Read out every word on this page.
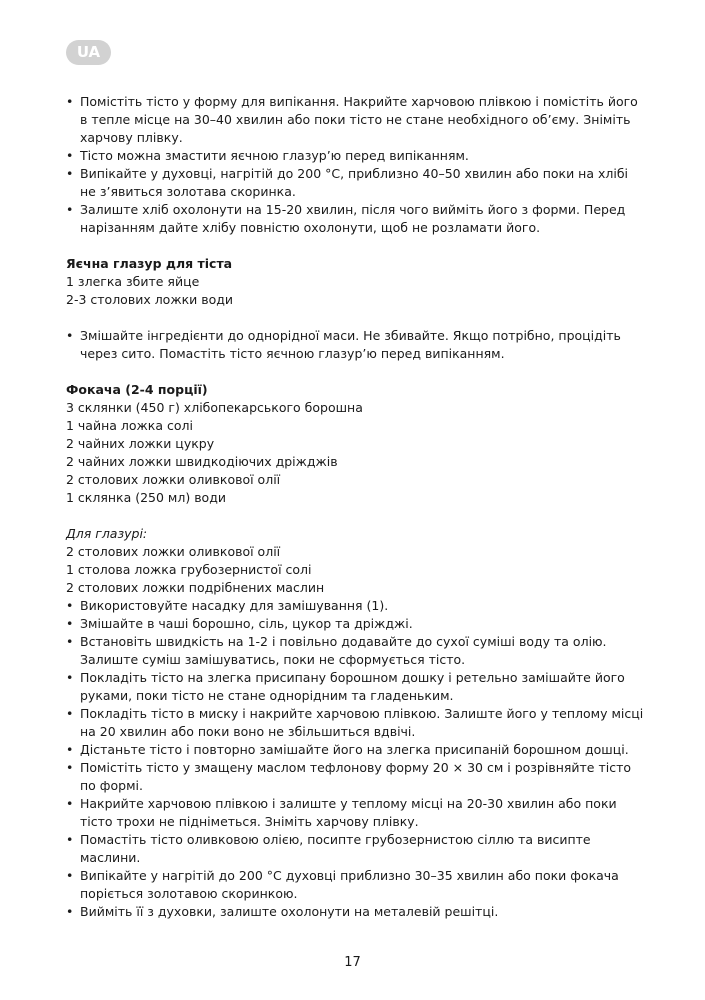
UA
• Помістіть тісто у форму для випікання. Накрийте харчовою плівкою і помістіть його в тепле місце на 30–40 хвилин або поки тісто не стане необхідного об’єму. Зніміть харчову плівку.
• Тісто можна змастити яєчною глазур’ю перед випіканням.
• Випікайте у духовці, нагрітій до 200 °C, приблизно 40–50 хвилин або поки на хлібі не з’явиться золотава скоринка.
• Залиште хліб охолонути на 15-20 хвилин, після чого вийміть його з форми. Перед нарізанням дайте хлібу повністю охолонути, щоб не розламати його.
Яєчна глазур для тіста
1 злегка збите яйце
2-3 столових ложки води
• Змішайте інгредієнти до однорідної маси. Не збивайте. Якщо потрібно, процідіть через сито. Помастіть тісто яєчною глазур’ю перед випіканням.
Фокача (2-4 порції)
3 склянки (450 г) хлібопекарського борошна
1 чайна ложка солі
2 чайних ложки цукру
2 чайних ложки швидкодіючих дріжджів
2 столових ложки оливкової олії
1 склянка (250 мл) води
Для глазурі:
2 столових ложки оливкової олії
1 столова ложка грубозернистої солі
2 столових ложки подрібнених маслин
• Використовуйте насадку для замішування (1).
• Змішайте в чаші борошно, сіль, цукор та дріжджі.
• Встановіть швидкість на 1-2 і повільно додавайте до сухої суміші воду та олію. Залиште суміш замішуватись, поки не сформується тісто.
• Покладіть тісто на злегка присипану борошном дошку і ретельно замішайте його руками, поки тісто не стане однорідним та гладеньким.
• Покладіть тісто в миску і накрийте харчовою плівкою. Залиште його у теплому місці на 20 хвилин або поки воно не збільшиться вдвічі.
• Дістаньте тісто і повторно замішайте його на злегка присипаній борошном дошці.
• Помістіть тісто у змащену маслом тефлонову форму 20 × 30 см і розрівняйте тісто по формі.
• Накрийте харчовою плівкою і залиште у теплому місці на 20-30 хвилин або поки тісто трохи не підніметься. Зніміть харчову плівку.
• Помастіть тісто оливковою олією, посипте грубозернистою сіллю та висипте маслини.
• Випікайте у нагрітій до 200 °C духовці приблизно 30–35 хвилин або поки фокача поріється золотавою скоринкою.
• Вийміть її з духовки, залиште охолонути на металевій решітці.
17
